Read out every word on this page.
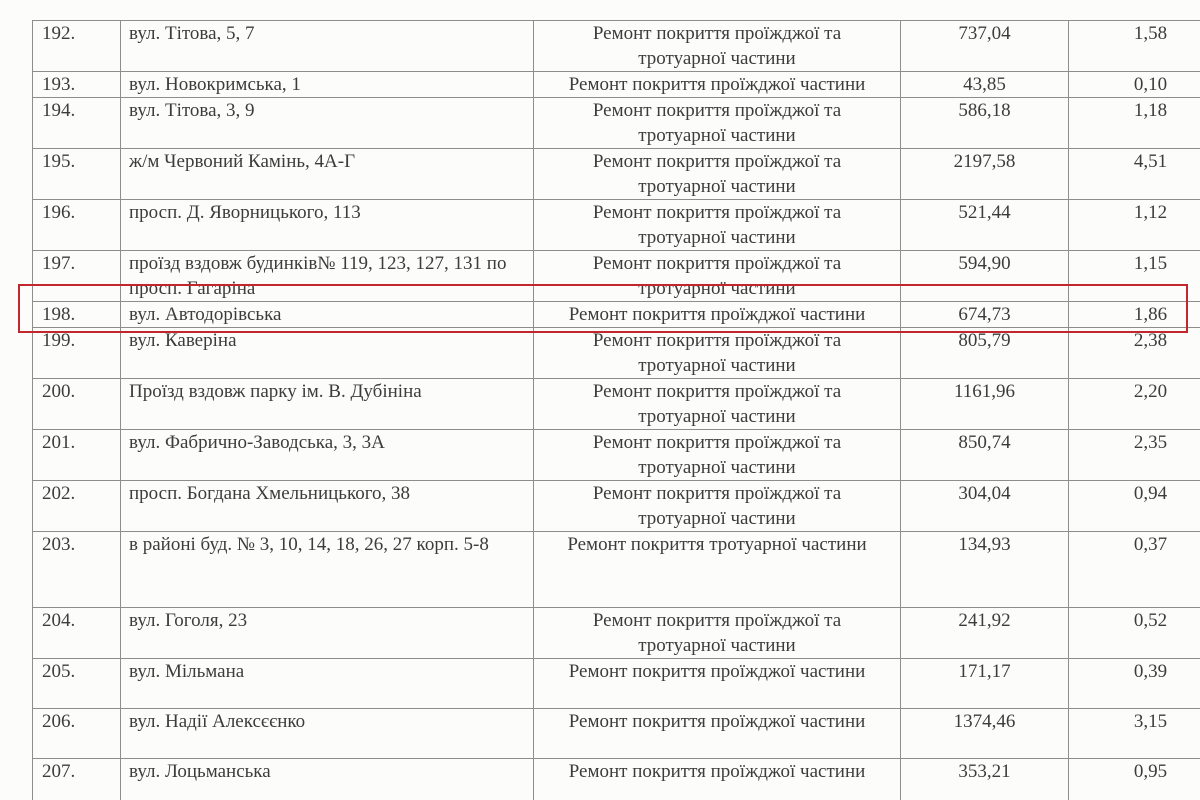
192.	вул. Тітова, 5, 7	Ремонт покриття проїжджої та
тротуарної частини	737,04	1,58
193.	вул. Новокримська, 1	Ремонт покриття проїжджої частини	43,85	0,10
194.	вул. Тітова, 3, 9	Ремонт покриття проїжджої та
тротуарної частини	586,18	1,18
195.	ж/м Червоний Камінь, 4А-Г	Ремонт покриття проїжджої та
тротуарної частини	2197,58	4,51
196.	просп. Д. Яворницького, 113	Ремонт покриття проїжджої та
тротуарної частини	521,44	1,12
197.	проїзд вздовж будинків№ 119, 123, 127, 131 по просп. Гагаріна	Ремонт покриття проїжджої та
тротуарної частини	594,90	1,15
198.	вул. Автодорівська	Ремонт покриття проїжджої частини	674,73	1,86
199.	вул. Каверіна	Ремонт покриття проїжджої та
тротуарної частини	805,79	2,38
200.	Проїзд вздовж парку ім. В. Дубініна	Ремонт покриття проїжджої та
тротуарної частини	1161,96	2,20
201.	вул. Фабрично-Заводська, 3, 3А	Ремонт покриття проїжджої та
тротуарної частини	850,74	2,35
202.	просп. Богдана Хмельницького, 38	Ремонт покриття проїжджої та
тротуарної частини	304,04	0,94
203.	в районі буд. № 3, 10, 14, 18, 26, 27 корп. 5-8	Ремонт покриття тротуарної частини	134,93	0,37
204.	вул. Гоголя, 23	Ремонт покриття проїжджої та
тротуарної частини	241,92	0,52
205.	вул. Мільмана	Ремонт покриття проїжджої частини	171,17	0,39
206.	вул. Надії Алексєєнко	Ремонт покриття проїжджої частини	1374,46	3,15
207.	вул. Лоцьманська	Ремонт покриття проїжджої частини	353,21	0,95
